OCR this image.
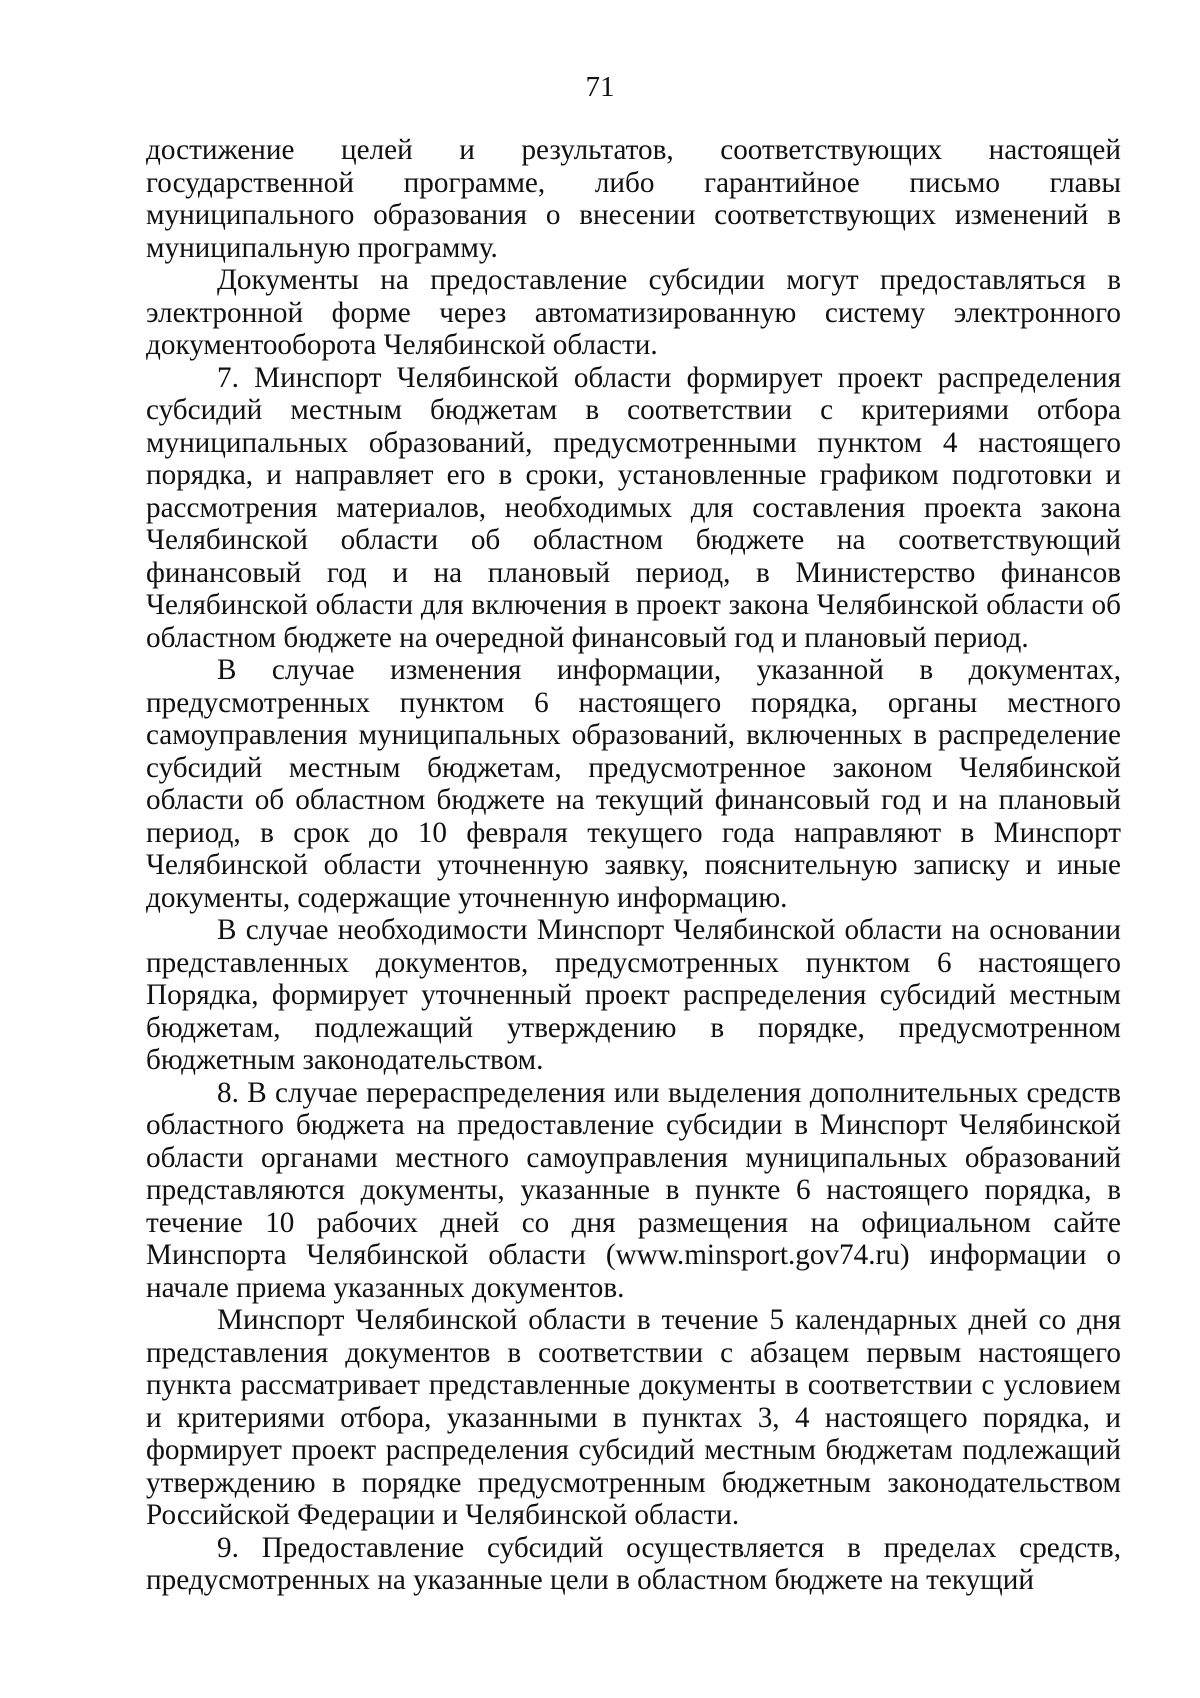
71

достижение целей и результатов, соответствующих настоящей государственной программе, либо гарантийное письмо главы муниципального образования о внесении соответствующих изменений в муниципальную программу.

Документы на предоставление субсидии могут предоставляться в электронной форме через автоматизированную систему электронного документооборота Челябинской области.

7. Минспорт Челябинской области формирует проект распределения субсидий местным бюджетам в соответствии с критериями отбора муниципальных образований, предусмотренными пунктом 4 настоящего порядка, и направляет его в сроки, установленные графиком подготовки и рассмотрения материалов, необходимых для составления проекта закона Челябинской области об областном бюджете на соответствующий финансовый год и на плановый период, в Министерство финансов Челябинской области для включения в проект закона Челябинской области об областном бюджете на очередной финансовый год и плановый период.

В случае изменения информации, указанной в документах, предусмотренных пунктом 6 настоящего порядка, органы местного самоуправления муниципальных образований, включенных в распределение субсидий местным бюджетам, предусмотренное законом Челябинской области об областном бюджете на текущий финансовый год и на плановый период, в срок до 10 февраля текущего года направляют в Минспорт Челябинской области уточненную заявку, пояснительную записку и иные документы, содержащие уточненную информацию.

В случае необходимости Минспорт Челябинской области на основании представленных документов, предусмотренных пунктом 6 настоящего Порядка, формирует уточненный проект распределения субсидий местным бюджетам, подлежащий утверждению в порядке, предусмотренном бюджетным законодательством.

8. В случае перераспределения или выделения дополнительных средств областного бюджета на предоставление субсидии в Минспорт Челябинской области органами местного самоуправления муниципальных образований представляются документы, указанные в пункте 6 настоящего порядка, в течение 10 рабочих дней со дня размещения на официальном сайте Минспорта Челябинской области (www.minsport.gov74.ru) информации о начале приема указанных документов.

Минспорт Челябинской области в течение 5 календарных дней со дня представления документов в соответствии с абзацем первым настоящего пункта рассматривает представленные документы в соответствии с условием и критериями отбора, указанными в пунктах 3, 4 настоящего порядка, и формирует проект распределения субсидий местным бюджетам подлежащий утверждению в порядке предусмотренным бюджетным законодательством Российской Федерации и Челябинской области.

9. Предоставление субсидий осуществляется в пределах средств, предусмотренных на указанные цели в областном бюджете на текущий
